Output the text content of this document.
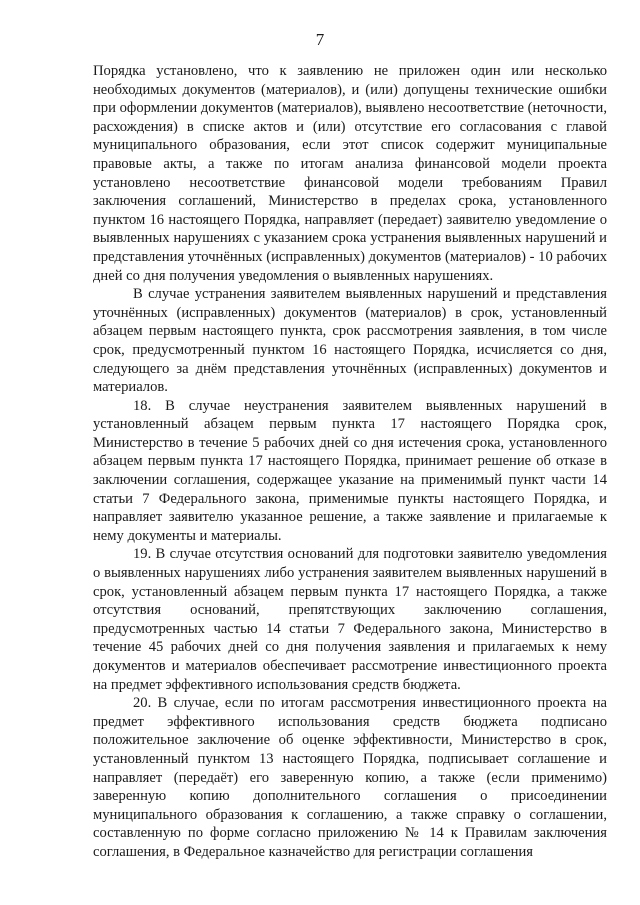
7

Порядка установлено, что к заявлению не приложен один или несколько необходимых документов (материалов), и (или) допущены технические ошибки при оформлении документов (материалов), выявлено несоответствие (неточности, расхождения) в списке актов и (или) отсутствие его согласования с главой муниципального образования, если этот список содержит муниципальные правовые акты, а также по итогам анализа финансовой модели проекта установлено несоответствие финансовой модели требованиям Правил заключения соглашений, Министерство в пределах срока, установленного пунктом 16 настоящего Порядка, направляет (передает) заявителю уведомление о выявленных нарушениях с указанием срока устранения выявленных нарушений и представления уточнённых (исправленных) документов (материалов) - 10 рабочих дней со дня получения уведомления о выявленных нарушениях.

В случае устранения заявителем выявленных нарушений и представления уточнённых (исправленных) документов (материалов) в срок, установленный абзацем первым настоящего пункта, срок рассмотрения заявления, в том числе срок, предусмотренный пунктом 16 настоящего Порядка, исчисляется со дня, следующего за днём представления уточнённых (исправленных) документов и материалов.

18. В случае неустранения заявителем выявленных нарушений в установленный абзацем первым пункта 17 настоящего Порядка срок, Министерство в течение 5 рабочих дней со дня истечения срока, установленного абзацем первым пункта 17 настоящего Порядка, принимает решение об отказе в заключении соглашения, содержащее указание на применимый пункт части 14 статьи 7 Федерального закона, применимые пункты настоящего Порядка, и направляет заявителю указанное решение, а также заявление и прилагаемые к нему документы и материалы.

19. В случае отсутствия оснований для подготовки заявителю уведомления о выявленных нарушениях либо устранения заявителем выявленных нарушений в срок, установленный абзацем первым пункта 17 настоящего Порядка, а также отсутствия оснований, препятствующих заключению соглашения, предусмотренных частью 14 статьи 7 Федерального закона, Министерство в течение 45 рабочих дней со дня получения заявления и прилагаемых к нему документов и материалов обеспечивает рассмотрение инвестиционного проекта на предмет эффективного использования средств бюджета.

20. В случае, если по итогам рассмотрения инвестиционного проекта на предмет эффективного использования средств бюджета подписано положительное заключение об оценке эффективности, Министерство в срок, установленный пунктом 13 настоящего Порядка, подписывает соглашение и направляет (передаёт) его заверенную копию, а также (если применимо) заверенную копию дополнительного соглашения о присоединении муниципального образования к соглашению, а также справку о соглашении, составленную по форме согласно приложению № 14 к Правилам заключения соглашения, в Федеральное казначейство для регистрации соглашения
